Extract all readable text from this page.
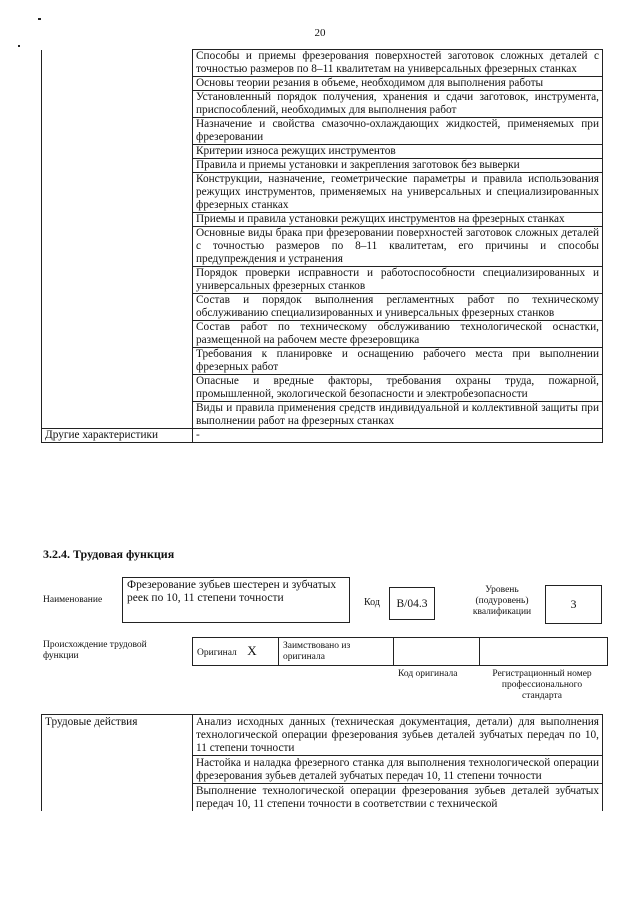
20
	Способы и приемы фрезерования поверхностей заготовок сложных деталей с точностью размеров по 8–11 квалитетам на универсальных фрезерных станках
	Основы теории резания в объеме, необходимом для выполнения работы
	Установленный порядок получения, хранения и сдачи заготовок, инструмента, приспособлений, необходимых для выполнения работ
	Назначение и свойства смазочно-охлаждающих жидкостей, применяемых при фрезеровании
	Критерии износа режущих инструментов
	Правила и приемы установки и закрепления заготовок без выверки
	Конструкции, назначение, геометрические параметры и правила использования режущих инструментов, применяемых на универсальных и специализированных фрезерных станках
	Приемы и правила установки режущих инструментов на фрезерных станках
	Основные виды брака при фрезеровании поверхностей заготовок сложных деталей с точностью размеров по 8–11 квалитетам, его причины и способы предупреждения и устранения
	Порядок проверки исправности и работоспособности специализированных и универсальных фрезерных станков
	Состав и порядок выполнения регламентных работ по техническому обслуживанию специализированных и универсальных фрезерных станков
	Состав работ по техническому обслуживанию технологической оснастки, размещенной на рабочем месте фрезеровщика
	Требования к планировке и оснащению рабочего места при выполнении фрезерных работ
	Опасные и вредные факторы, требования охраны труда, пожарной, промышленной, экологической безопасности и электробезопасности
	Виды и правила применения средств индивидуальной и коллективной защиты при выполнении работ на фрезерных станках
Другие характеристики	-
3.2.4. Трудовая функция
Наименование
Фрезерование зубьев шестерен и зубчатых реек по 10, 11 степени точности	Код	B/04.3
Уровень (подуровень) квалификации
3
Происхождение трудовой функции	Оригинал X	Заимствовано из оригинала		
Код оригинала	Регистрационный номер профессионального стандарта
Трудовые действия	Анализ исходных данных (техническая документация, детали) для выполнения технологической операции фрезерования зубьев деталей зубчатых передач по 10, 11 степени точности
Настойка и наладка фрезерного станка для выполнения технологической операции фрезерования зубьев деталей зубчатых передач 10, 11 степени точности
Выполнение технологической операции фрезерования зубьев деталей зубчатых передач 10, 11 степени точности в соответствии с технической
